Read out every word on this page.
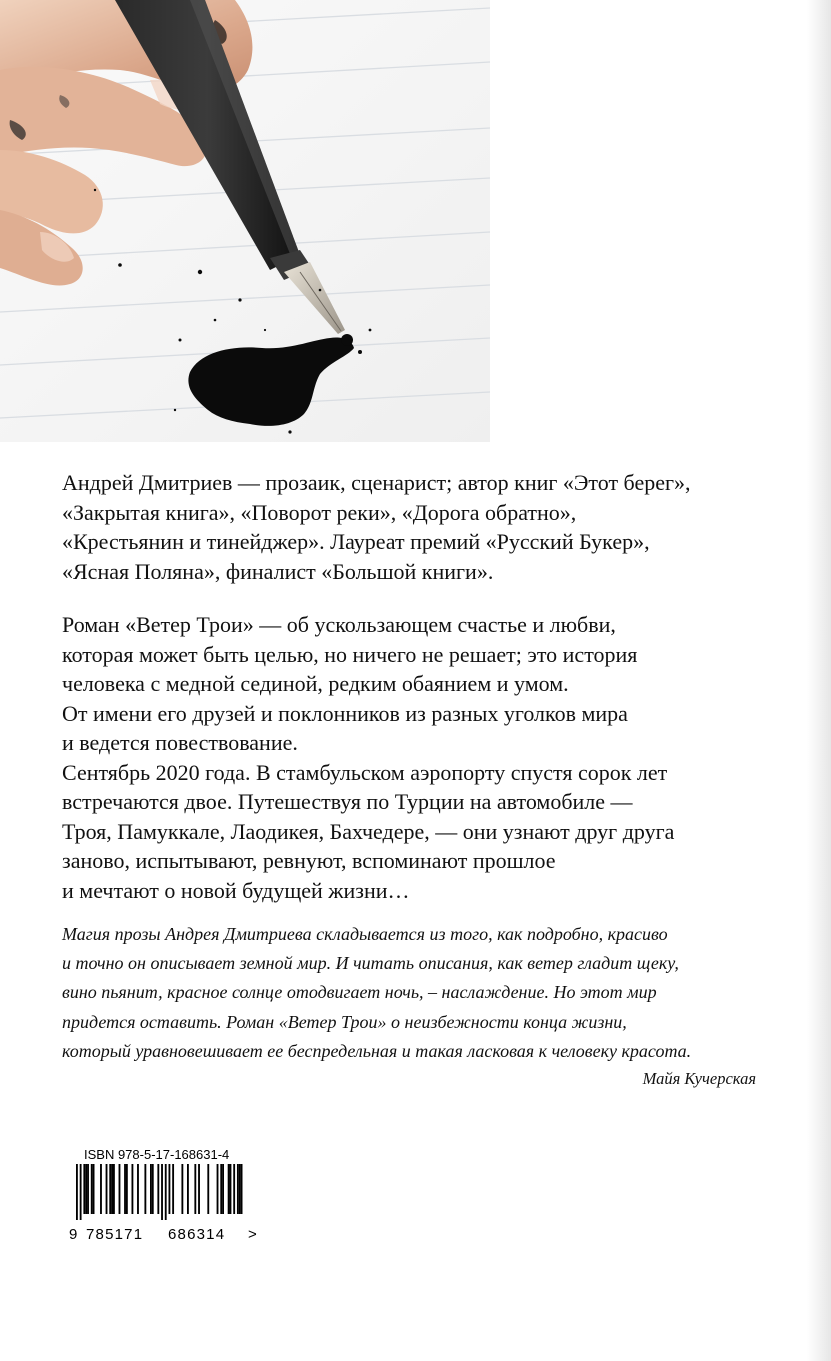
Андрей Дмитриев — прозаик, сценарист; автор книг «Этот берег»,
«Закрытая книга», «Поворот реки», «Дорога обратно»,
«Крестьянин и тинейджер». Лауреат премий «Русский Букер»,
«Ясная Поляна», финалист «Большой книги».
Роман «Ветер Трои» — об ускользающем счастье и любви,
которая может быть целью, но ничего не решает; это история
человека с медной сединой, редким обаянием и умом.
От имени его друзей и поклонников из разных уголков мира
и ведется повествование.
Сентябрь 2020 года. В стамбульском аэропорту спустя сорок лет
встречаются двое. Путешествуя по Турции на автомобиле —
Троя, Памуккале, Лаодикея, Бахчедере, — они узнают друг друга
заново, испытывают, ревнуют, вспоминают прошлое
и мечтают о новой будущей жизни…
Магия прозы Андрея Дмитриева складывается из того, как подробно, красиво
и точно он описывает земной мир. И читать описания, как ветер гладит щеку,
вино пьянит, красное солнце отодвигает ночь, – наслаждение. Но этот мир
придется оставить. Роман «Ветер Трои» о неизбежности конца жизни,
который уравновешивает ее беспредельная и такая ласковая к человеку красота.
Майя Кучерская
ISBN 978-5-17-168631-4
9 785171 686314 >
